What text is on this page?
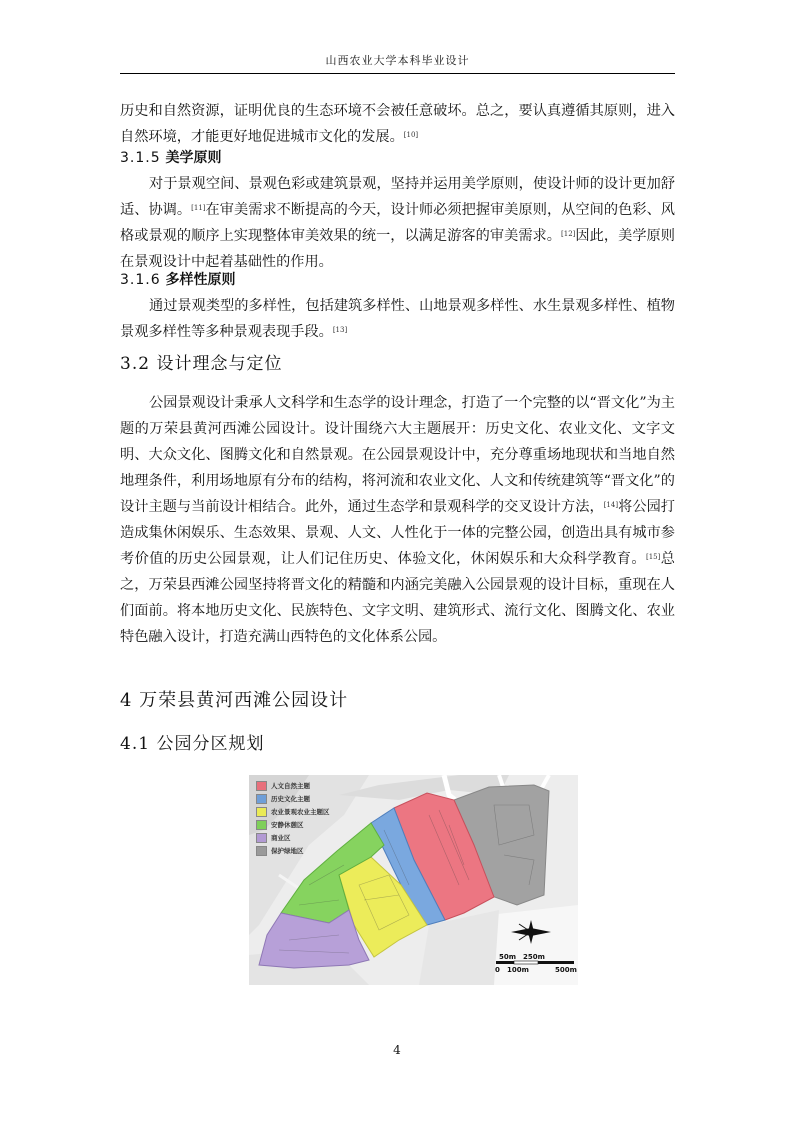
山西农业大学本科毕业设计

历史和自然资源，证明优良的生态环境不会被任意破坏。总之，要认真遵循其原则，进入自然环境，才能更好地促进城市文化的发展。[10]

3.1.5 美学原则

对于景观空间、景观色彩或建筑景观，坚持并运用美学原则，使设计师的设计更加舒适、协调。[11]在审美需求不断提高的今天，设计师必须把握审美原则，从空间的色彩、风格或景观的顺序上实现整体审美效果的统一，以满足游客的审美需求。[12]因此，美学原则在景观设计中起着基础性的作用。

3.1.6 多样性原则

通过景观类型的多样性，包括建筑多样性、山地景观多样性、水生景观多样性、植物景观多样性等多种景观表现手段。[13]

3.2 设计理念与定位

公园景观设计秉承人文科学和生态学的设计理念，打造了一个完整的以“晋文化”为主题的万荣县黄河西滩公园设计。设计围绕六大主题展开：历史文化、农业文化、文字文明、大众文化、图腾文化和自然景观。在公园景观设计中，充分尊重场地现状和当地自然地理条件，利用场地原有分布的结构，将河流和农业文化、人文和传统建筑等“晋文化”的设计主题与当前设计相结合。此外，通过生态学和景观科学的交叉设计方法，[14]将公园打造成集休闲娱乐、生态效果、景观、人文、人性化于一体的完整公园，创造出具有城市参考价值的历史公园景观，让人们记住历史、体验文化，休闲娱乐和大众科学教育。[15]总之，万荣县西滩公园坚持将晋文化的精髓和内涵完美融入公园景观的设计目标，重现在人们面前。将本地历史文化、民族特色、文字文明、建筑形式、流行文化、图腾文化、农业特色融入设计，打造充满山西特色的文化体系公园。

4 万荣县黄河西滩公园设计
4.1 公园分区规划
人文自然主题
历史文化主题
农业景观农业主题区
安静休憩区
商业区
保护绿地区
50m 250m
0 100m	500m
4
